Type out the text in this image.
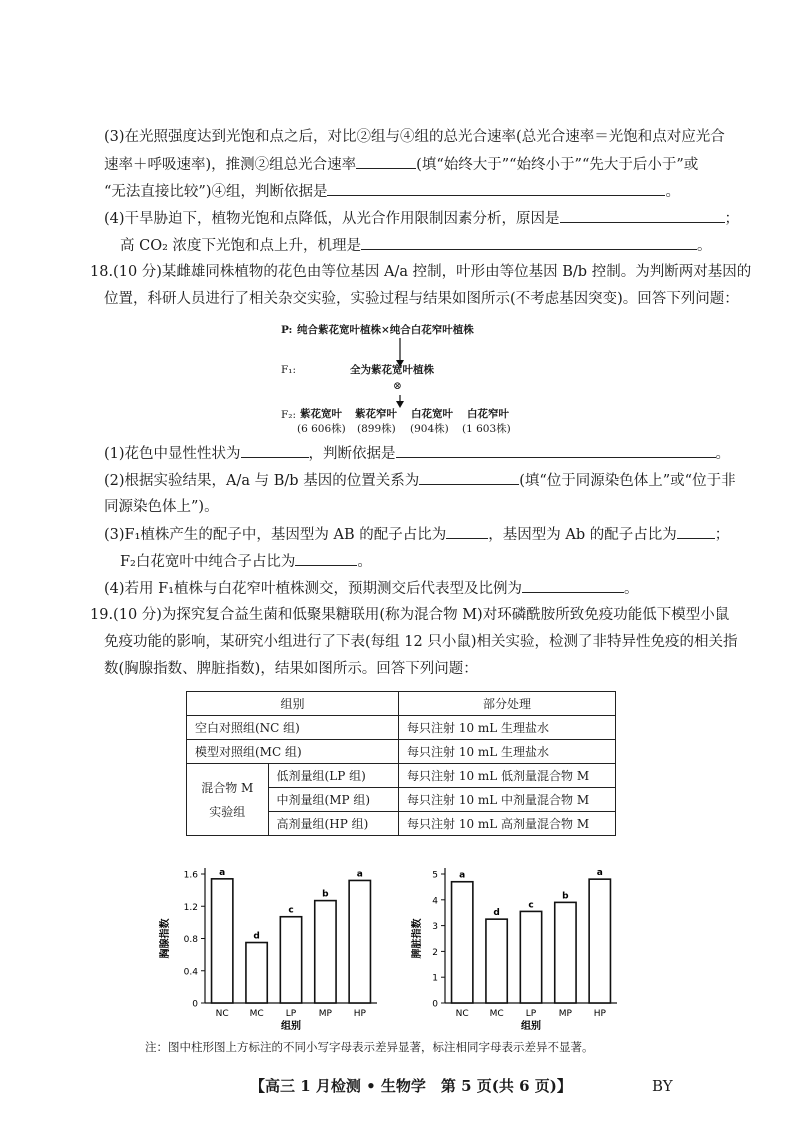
(3)在光照强度达到光饱和点之后，对比②组与④组的总光合速率(总光合速率＝光饱和点对应光合
速率＋呼吸速率)，推测②组总光合速率	(填“始终大于”“始终小于”“先大于后小于”或
“无法直接比较”)④组，判断依据是	。
(4)干旱胁迫下，植物光饱和点降低，从光合作用限制因素分析，原因是	；
高 CO₂ 浓度下光饱和点上升，机理是	。
18.(10 分)某雌雄同株植物的花色由等位基因 A/a 控制，叶形由等位基因 B/b 控制。为判断两对基因的
位置，科研人员进行了相关杂交实验，实验过程与结果如图所示(不考虑基因突变)。回答下列问题：
P: 纯合紫花宽叶植株×纯合白花窄叶植株
F₁:	全为紫花宽叶植株
⊗
F₂: 紫花宽叶
(6 606株)
紫花窄叶
(899株)
白花宽叶
(904株)
白花窄叶
(1 603株)
(1)花色中显性性状为	，判断依据是	。
(2)根据实验结果，A/a 与 B/b 基因的位置关系为	(填“位于同源染色体上”或“位于非
同源染色体上”)。
(3)F₁植株产生的配子中，基因型为 AB 的配子占比为	，基因型为 Ab 的配子占比为	；
F₂白花宽叶中纯合子占比为	。
(4)若用 F₁植株与白花窄叶植株测交，预期测交后代表型及比例为	。
19.(10 分)为探究复合益生菌和低聚果糖联用(称为混合物 M)对环磷酰胺所致免疫功能低下模型小鼠
免疫功能的影响，某研究小组进行了下表(每组 12 只小鼠)相关实验，检测了非特异性免疫的相关指
数(胸腺指数、脾脏指数)，结果如图所示。回答下列问题：
组别		部分处理
空白对照组(NC 组)		每只注射 10 mL 生理盐水
模型对照组(MC 组)		每只注射 10 mL 生理盐水

混合物 M
实验组	低剂量组(LP 组)	每只注射 10 mL 低剂量混合物 M
	中剂量组(MP 组)	每只注射 10 mL 中剂量混合物 M
	高剂量组(HP 组)	每只注射 10 mL 高剂量混合物 M
0
0.4
0.8
1.2
1.6 a
NC
d
MC
c
LP
b
MP
a
HP
组别
胸腺指数
0
1
2
3
4
5 a
NC
d
MC
c
LP
b
MP
a
HP
组别
脾脏指数
注：图中柱形图上方标注的不同小写字母表示差异显著，标注相同字母表示差异不显著。
【高三 1 月检测 • 生物学　第 5 页(共 6 页)】	BY
